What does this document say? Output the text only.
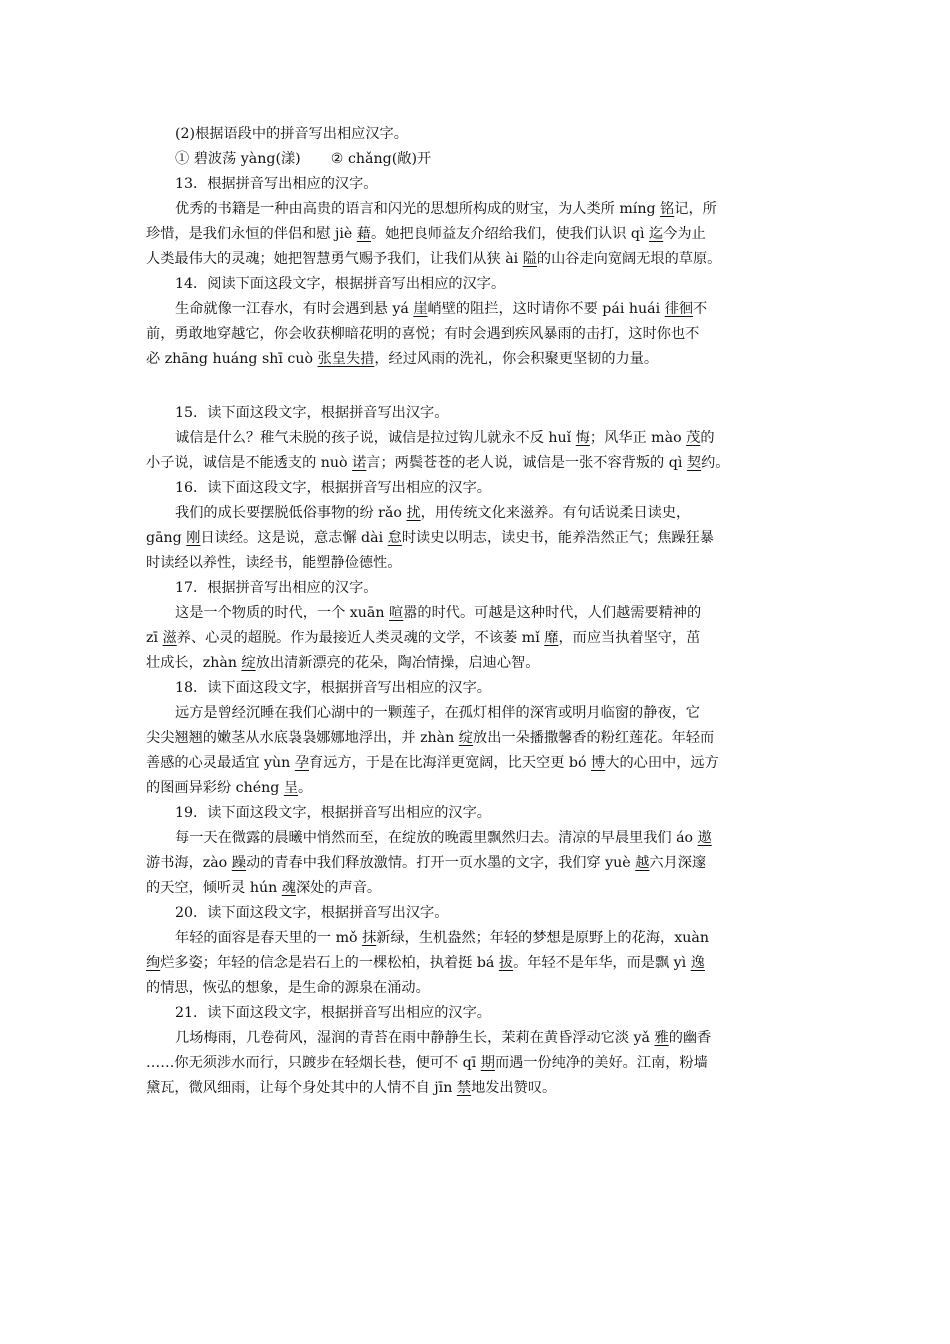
(2)根据语段中的拼音写出相应汉字。
① 碧波荡 yàng(漾) ② chǎng(敞)开
13．根据拼音写出相应的汉字。
优秀的书籍是一种由高贵的语言和闪光的思想所构成的财宝，为人类所 míng 铭记，所
珍惜，是我们永恒的伴侣和慰 jiè 藉。她把良师益友介绍给我们，使我们认识 qì 迄今为止
人类最伟大的灵魂；她把智慧勇气赐予我们，让我们从狭 ài 隘的山谷走向宽阔无垠的草原。
14．阅读下面这段文字，根据拼音写出相应的汉字。
生命就像一江春水，有时会遇到悬 yá 崖峭壁的阻拦，这时请你不要 pái huái 徘徊不
前，勇敢地穿越它，你会收获柳暗花明的喜悦；有时会遇到疾风暴雨的击打，这时你也不
必 zhāng huáng shī cuò 张皇失措，经过风雨的洗礼，你会积聚更坚韧的力量。
15．读下面这段文字，根据拼音写出汉字。
诚信是什么？稚气未脱的孩子说，诚信是拉过钩儿就永不反 huǐ 悔；风华正 mào 茂的
小子说，诚信是不能透支的 nuò 诺言；两鬓苍苍的老人说，诚信是一张不容背叛的 qì 契约。
16．读下面这段文字，根据拼音写出相应的汉字。
我们的成长要摆脱低俗事物的纷 rǎo 扰，用传统文化来滋养。有句话说柔日读史，
gāng 刚日读经。这是说，意志懈 dài 怠时读史以明志，读史书，能养浩然正气；焦躁狂暴
时读经以养性，读经书，能塑静俭德性。
17．根据拼音写出相应的汉字。
这是一个物质的时代，一个 xuān 喧嚣的时代。可越是这种时代，人们越需要精神的
zī 滋养、心灵的超脱。作为最接近人类灵魂的文学，不该萎 mǐ 靡，而应当执着坚守，茁
壮成长，zhàn 绽放出清新漂亮的花朵，陶冶情操，启迪心智。
18．读下面这段文字，根据拼音写出相应的汉字。
远方是曾经沉睡在我们心湖中的一颗莲子，在孤灯相伴的深宵或明月临窗的静夜，它
尖尖翘翘的嫩茎从水底袅袅娜娜地浮出，并 zhàn 绽放出一朵播撒馨香的粉红莲花。年轻而
善感的心灵最适宜 yùn 孕育远方，于是在比海洋更宽阔，比天空更 bó 博大的心田中，远方
的图画异彩纷 chéng 呈。
19．读下面这段文字，根据拼音写出相应的汉字。
每一天在微露的晨曦中悄然而至，在绽放的晚霞里飘然归去。清凉的早晨里我们 áo 遨
游书海，zào 躁动的青春中我们释放激情。打开一页水墨的文字，我们穿 yuè 越六月深邃
的天空，倾听灵 hún 魂深处的声音。
20．读下面这段文字，根据拼音写出汉字。
年轻的面容是春天里的一 mǒ 抹新绿，生机盎然；年轻的梦想是原野上的花海，xuàn
绚烂多姿；年轻的信念是岩石上的一棵松柏，执着挺 bá 拔。年轻不是年华，而是飘 yì 逸
的情思，恢弘的想象，是生命的源泉在涌动。
21．读下面这段文字，根据拼音写出相应的汉字。
几场梅雨，几卷荷风，湿润的青苔在雨中静静生长，茉莉在黄昏浮动它淡 yǎ 雅的幽香
……你无须涉水而行，只踱步在轻烟长巷，便可不 qī 期而遇一份纯净的美好。江南，粉墙
黛瓦，微风细雨，让每个身处其中的人情不自 jīn 禁地发出赞叹。
